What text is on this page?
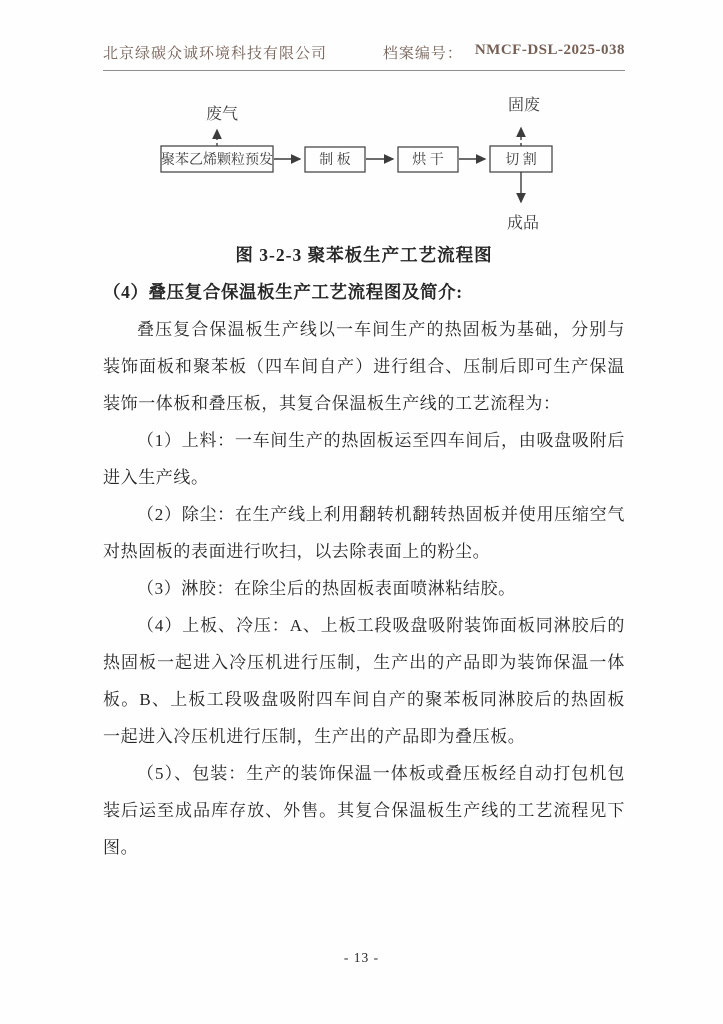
北京绿碳众诚环境科技有限公司	档案编号： NMCF-DSL-2025-038
废气
聚苯乙烯颗粒预发	制 板	烘 干	切 割
固废
成品
图 3-2-3 聚苯板生产工艺流程图
（4）叠压复合保温板生产工艺流程图及简介:

叠压复合保温板生产线以一车间生产的热固板为基础，分别与装饰面板和聚苯板（四车间自产）进行组合、压制后即可生产保温装饰一体板和叠压板，其复合保温板生产线的工艺流程为：

（1）上料：一车间生产的热固板运至四车间后，由吸盘吸附后进入生产线。

（2）除尘：在生产线上利用翻转机翻转热固板并使用压缩空气对热固板的表面进行吹扫，以去除表面上的粉尘。

（3）淋胶：在除尘后的热固板表面喷淋粘结胶。

（4）上板、冷压：A、上板工段吸盘吸附装饰面板同淋胶后的热固板一起进入冷压机进行压制，生产出的产品即为装饰保温一体板。B、上板工段吸盘吸附四车间自产的聚苯板同淋胶后的热固板一起进入冷压机进行压制，生产出的产品即为叠压板。

（5）、包装：生产的装饰保温一体板或叠压板经自动打包机包装后运至成品库存放、外售。其复合保温板生产线的工艺流程见下图。

- 13 -
